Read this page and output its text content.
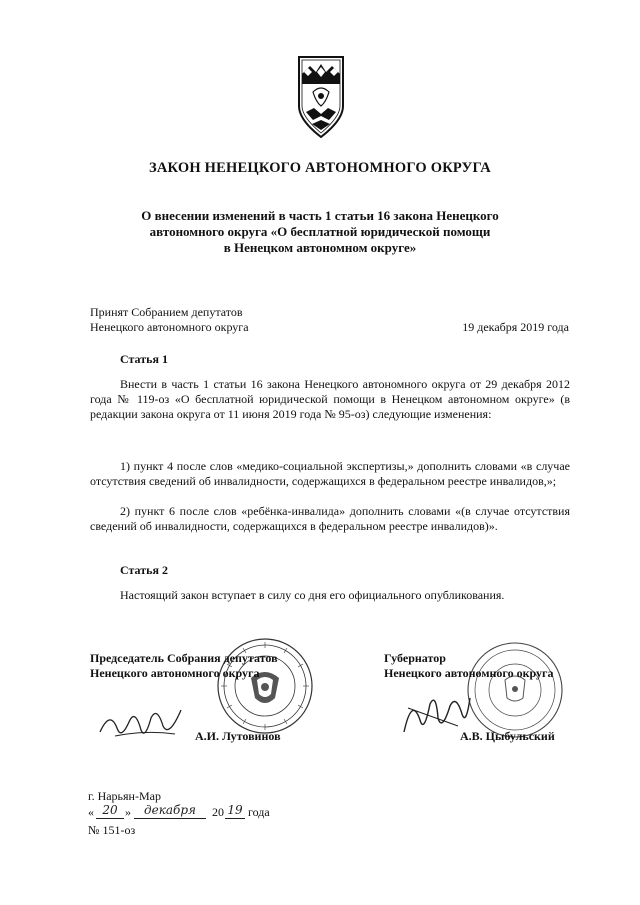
ЗАКОН НЕНЕЦКОГО АВТОНОМНОГО ОКРУГА
О внесении изменений в часть 1 статьи 16 закона Ненецкого
автономного округа «О бесплатной юридической помощи
в Ненецком автономном округе»
Принят Собранием депутатов
Ненецкого автономного округа	19 декабря 2019 года
Статья 1
Внести в часть 1 статьи 16 закона Ненецкого автономного округа от 29 декабря 2012 года № 119-оз «О бесплатной юридической помощи в Ненецком автономном округе» (в редакции закона округа от 11 июня 2019 года № 95-оз) следующие изменения:
1) пункт 4 после слов «медико-социальной экспертизы,» дополнить словами «в случае отсутствия сведений об инвалидности, содержащихся в федеральном реестре инвалидов,»;
2) пункт 6 после слов «ребёнка-инвалида» дополнить словами «(в случае отсутствия сведений об инвалидности, содержащихся в федеральном реестре инвалидов)».
Статья 2
Настоящий закон вступает в силу со дня его официального опубликования.
Председатель Собрания депутатов
Ненецкого автономного округа
А.И. Лутовинов
Губернатор
Ненецкого автономного округа
А.В. Цыбульский
г. Нарьян-Мар
« 20 »	декабря	20 19 года
№ 151-оз
